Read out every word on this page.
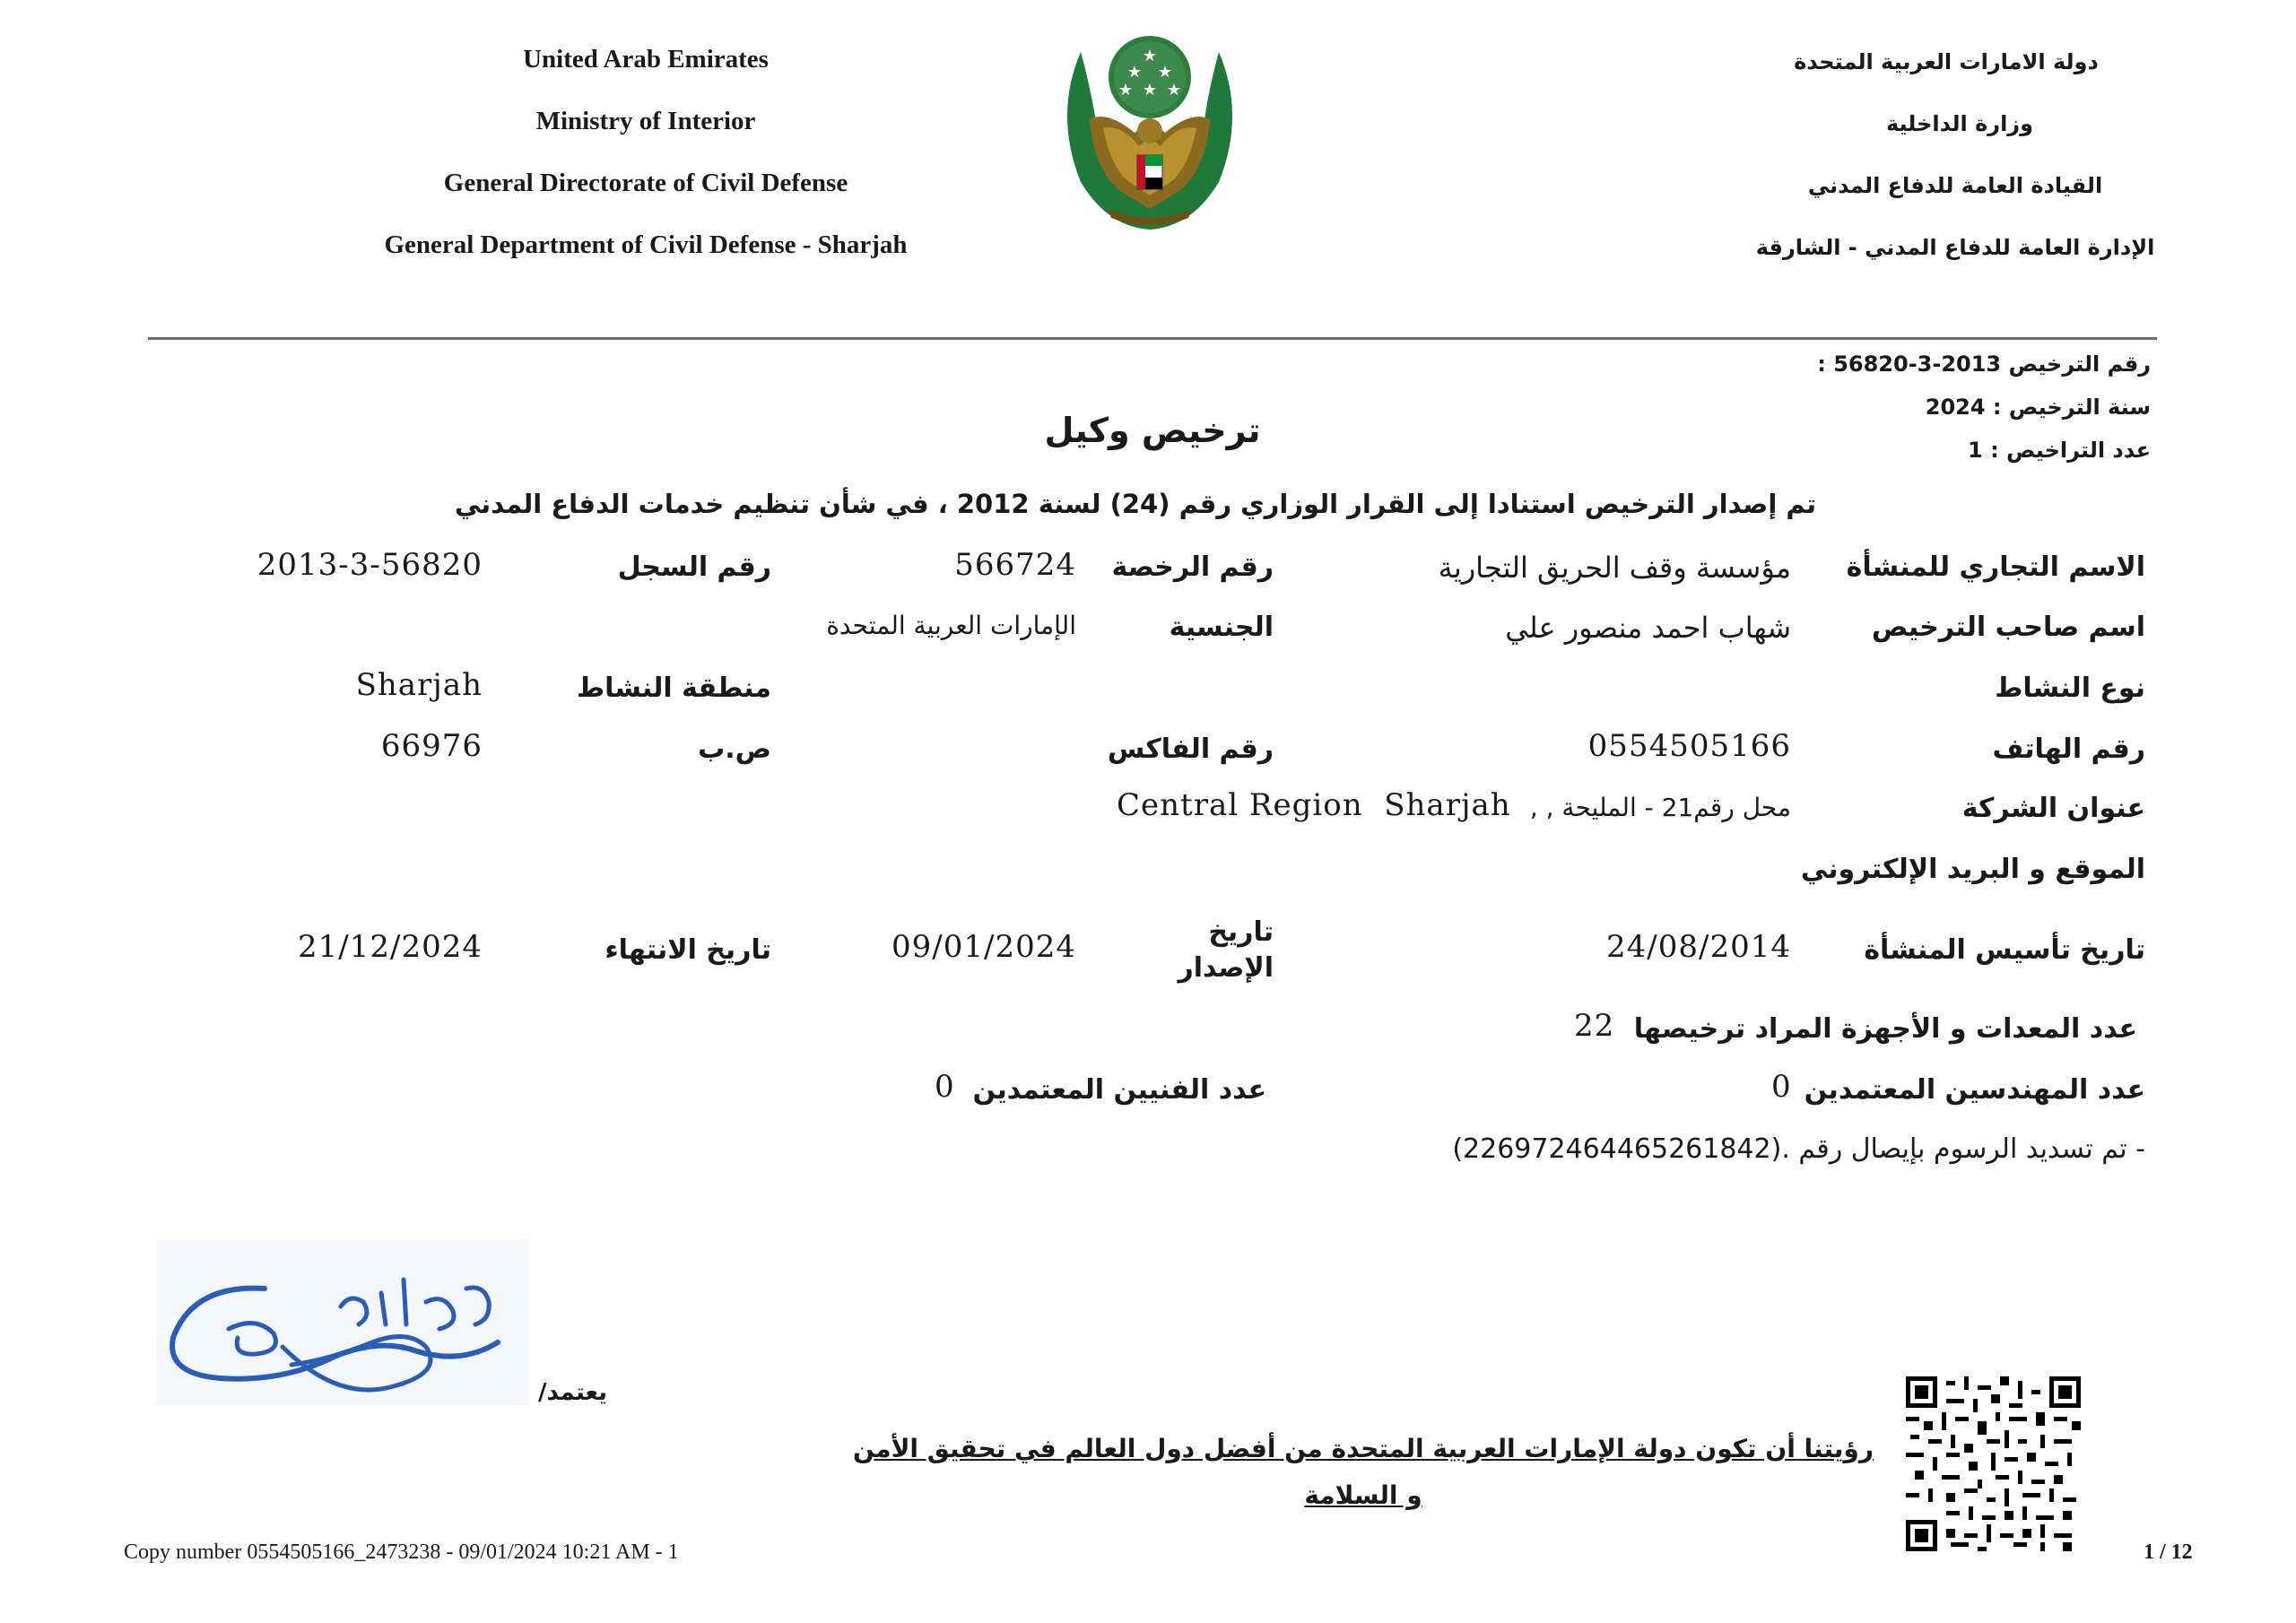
United Arab Emirates
Ministry of Interior
General Directorate of Civil Defense
General Department of Civil Defense - Sharjah
★
★ ★
★ ★ ★
دولة الامارات العربية المتحدة
وزارة الداخلية
القيادة العامة للدفاع المدني
الإدارة العامة للدفاع المدني - الشارقة
رقم الترخيص 2013-3-56820 :
سنة الترخيص : 2024
عدد التراخيص : 1
ترخيص وكيل
تم إصدار الترخيص استنادا إلى القرار الوزاري رقم (24) لسنة 2012 ، في شأن تنظيم خدمات الدفاع المدني
الاسم التجاري للمنشأة
مؤسسة وقف الحريق التجارية
رقم الرخصة
566724
رقم السجل
2013-3-56820
اسم صاحب الترخيص
شهاب احمد منصور علي
الجنسية
الإمارات العربية المتحدة
نوع النشاط
منطقة النشاط
Sharjah
رقم الهاتف
0554505166
رقم الفاكس
ص.ب
66976
عنوان الشركة
محل رقم21 - المليحة , ,
Central Region  Sharjah
الموقع و البريد الإلكتروني
تاريخ تأسيس المنشأة
24/08/2014
تاريخ الإصدار
09/01/2024
تاريخ الانتهاء
21/12/2024
عدد المعدات و الأجهزة المراد ترخيصها
22
عدد المهندسين المعتمدين
0
عدد الفنيين المعتمدين
0
- تم تسديد الرسوم بإيصال رقم .(226972464465261842)
يعتمد/
رؤيتنا أن تكون دولة الإمارات العربية المتحدة من أفضل دول العالم في تحقيق الأمن و السلامة
Copy number 0554505166_2473238 - 09/01/2024 10:21 AM - 1	1 / 12
